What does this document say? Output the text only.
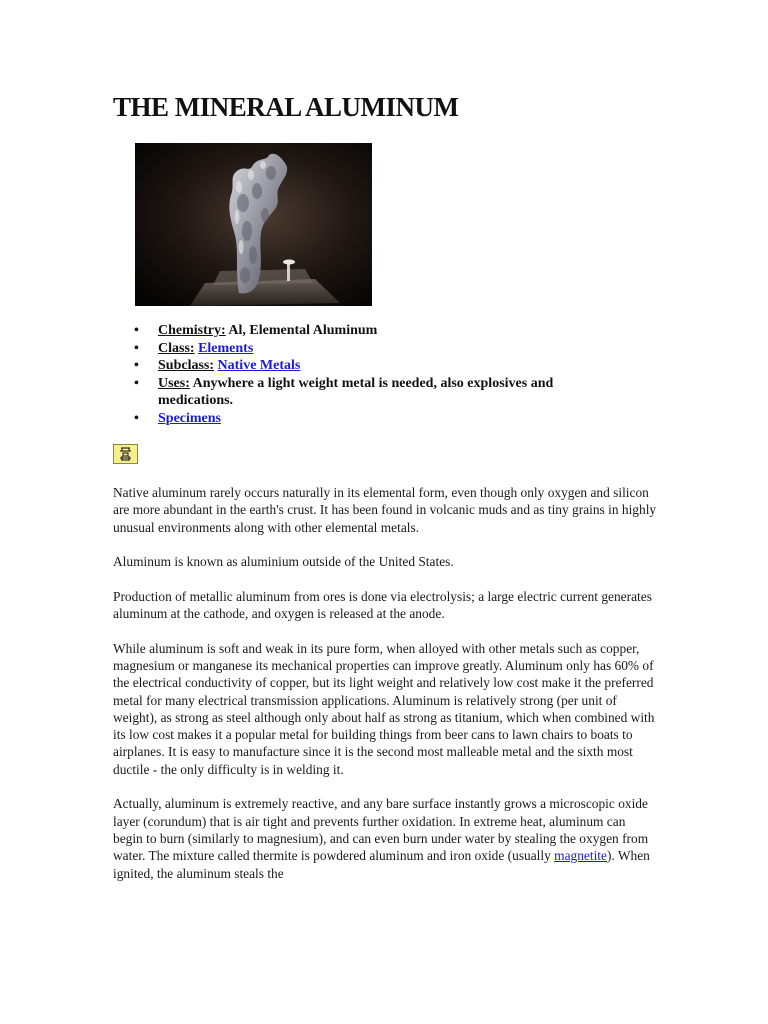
THE MINERAL ALUMINUM
• Chemistry: Al, Elemental Aluminum
• Class: Elements
• Subclass: Native Metals
• Uses: Anywhere a light weight metal is needed, also explosives and medications.
• Specimens

Native aluminum rarely occurs naturally in its elemental form, even though only oxygen and silicon are more abundant in the earth's crust. It has been found in volcanic muds and as tiny grains in highly unusual environments along with other elemental metals.

Aluminum is known as aluminium outside of the United States.

Production of metallic aluminum from ores is done via electrolysis; a large electric current generates aluminum at the cathode, and oxygen is released at the anode.

While aluminum is soft and weak in its pure form, when alloyed with other metals such as copper, magnesium or manganese its mechanical properties can improve greatly. Aluminum only has 60% of the electrical conductivity of copper, but its light weight and relatively low cost make it the preferred metal for many electrical transmission applications. Aluminum is relatively strong (per unit of weight), as strong as steel although only about half as strong as titanium, which when combined with its low cost makes it a popular metal for building things from beer cans to lawn chairs to boats to airplanes. It is easy to manufacture since it is the second most malleable metal and the sixth most ductile - the only difficulty is in welding it.

Actually, aluminum is extremely reactive, and any bare surface instantly grows a microscopic oxide layer (corundum) that is air tight and prevents further oxidation. In extreme heat, aluminum can begin to burn (similarly to magnesium), and can even burn under water by stealing the oxygen from water. The mixture called thermite is powdered aluminum and iron oxide (usually magnetite). When ignited, the aluminum steals the
